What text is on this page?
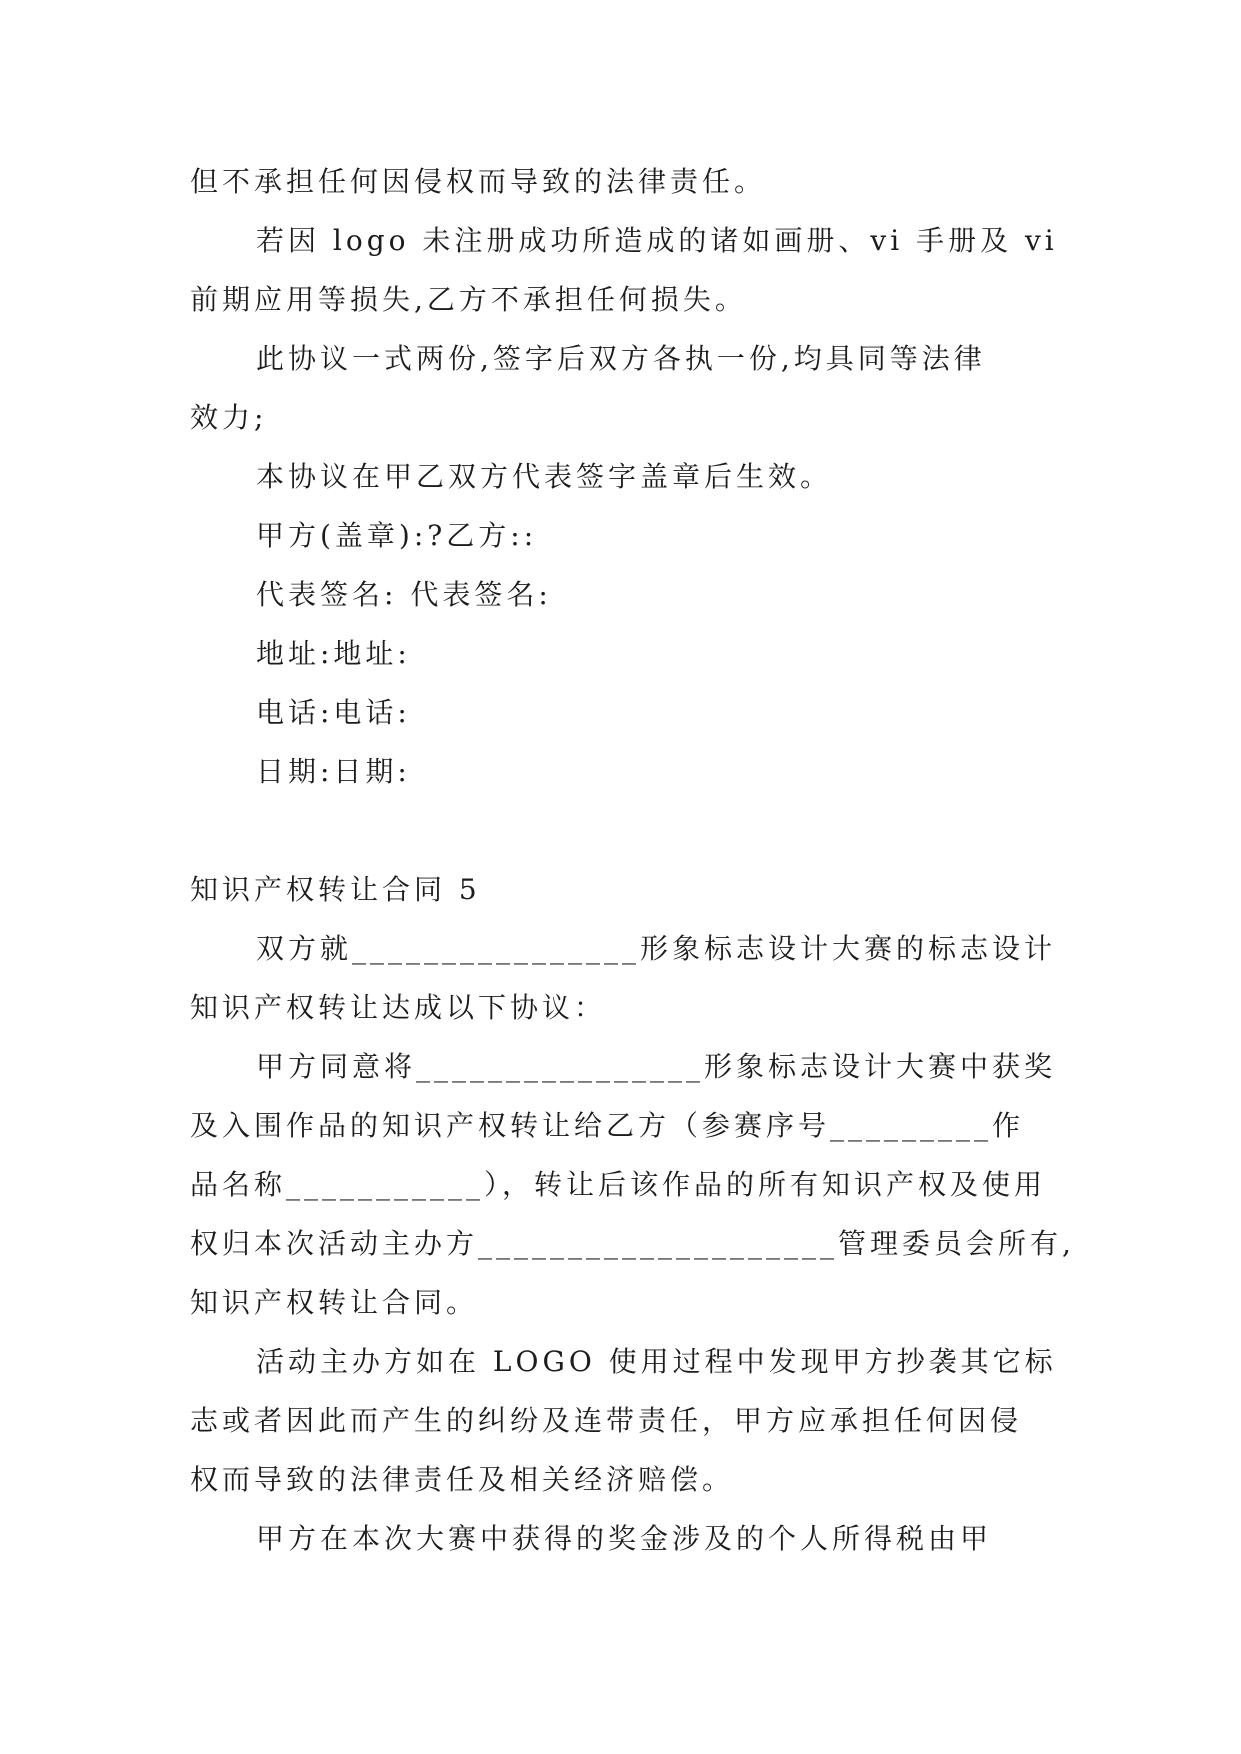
但不承担任何因侵权而导致的法律责任。
若因 logo 未注册成功所造成的诸如画册、vi 手册及 vi
前期应用等损失,乙方不承担任何损失。
此协议一式两份,签字后双方各执一份,均具同等法律
效力;
本协议在甲乙双方代表签字盖章后生效。
甲方(盖章):?乙方::
代表签名: 代表签名:
地址:地址:
电话:电话:
日期:日期:
知识产权转让合同 5
双方就________________形象标志设计大赛的标志设计
知识产权转让达成以下协议：
甲方同意将________________形象标志设计大赛中获奖
及入围作品的知识产权转让给乙方（参赛序号_________作
品名称___________），转让后该作品的所有知识产权及使用
权归本次活动主办方____________________管理委员会所有,
知识产权转让合同。
活动主办方如在 LOGO 使用过程中发现甲方抄袭其它标
志或者因此而产生的纠纷及连带责任，甲方应承担任何因侵
权而导致的法律责任及相关经济赔偿。
甲方在本次大赛中获得的奖金涉及的个人所得税由甲
